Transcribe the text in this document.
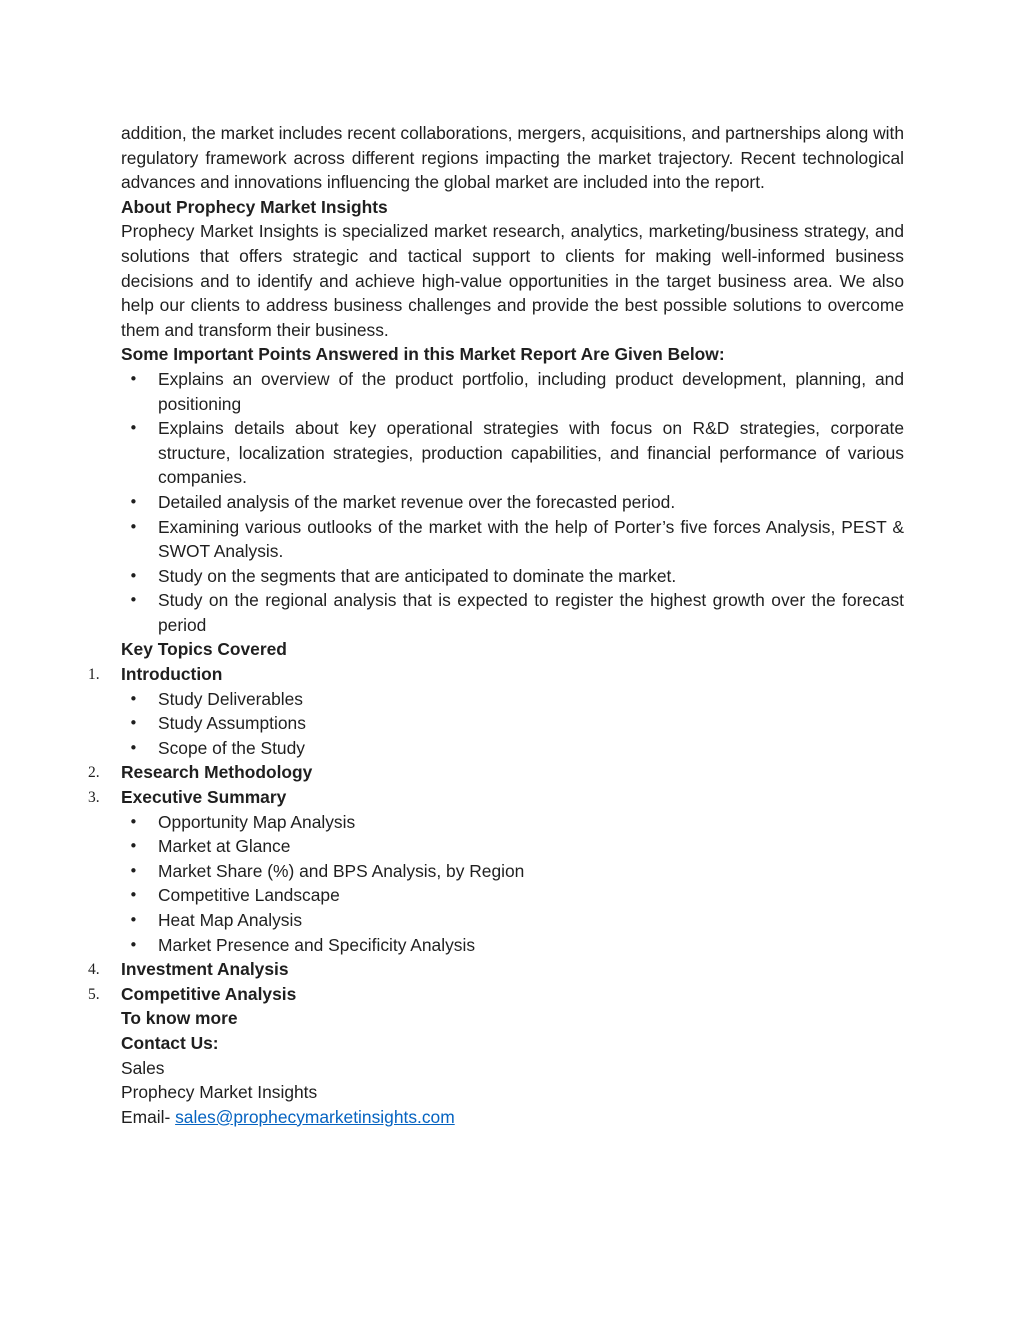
addition, the market includes recent collaborations, mergers, acquisitions, and partnerships along with regulatory framework across different regions impacting the market trajectory. Recent technological advances and innovations influencing the global market are included into the report.

About Prophecy Market Insights

Prophecy Market Insights is specialized market research, analytics, marketing/business strategy, and solutions that offers strategic and tactical support to clients for making well-informed business decisions and to identify and achieve high-value opportunities in the target business area. We also help our clients to address business challenges and provide the best possible solutions to overcome them and transform their business.

Some Important Points Answered in this Market Report Are Given Below:

• Explains an overview of the product portfolio, including product development, planning, and positioning
• Explains details about key operational strategies with focus on R&D strategies, corporate structure, localization strategies, production capabilities, and financial performance of various companies.
• Detailed analysis of the market revenue over the forecasted period.
• Examining various outlooks of the market with the help of Porter’s five forces Analysis, PEST & SWOT Analysis.
• Study on the segments that are anticipated to dominate the market.
• Study on the regional analysis that is expected to register the highest growth over the forecast period

Key Topics Covered

1. Introduction

• Study Deliverables
• Study Assumptions
• Scope of the Study

2. Research Methodology

3. Executive Summary

• Opportunity Map Analysis
• Market at Glance
• Market Share (%) and BPS Analysis, by Region
• Competitive Landscape
• Heat Map Analysis
• Market Presence and Specificity Analysis

4. Investment Analysis

5. Competitive Analysis

To know more

Contact Us:

Sales

Prophecy Market Insights

Email- sales@prophecymarketinsights.com
